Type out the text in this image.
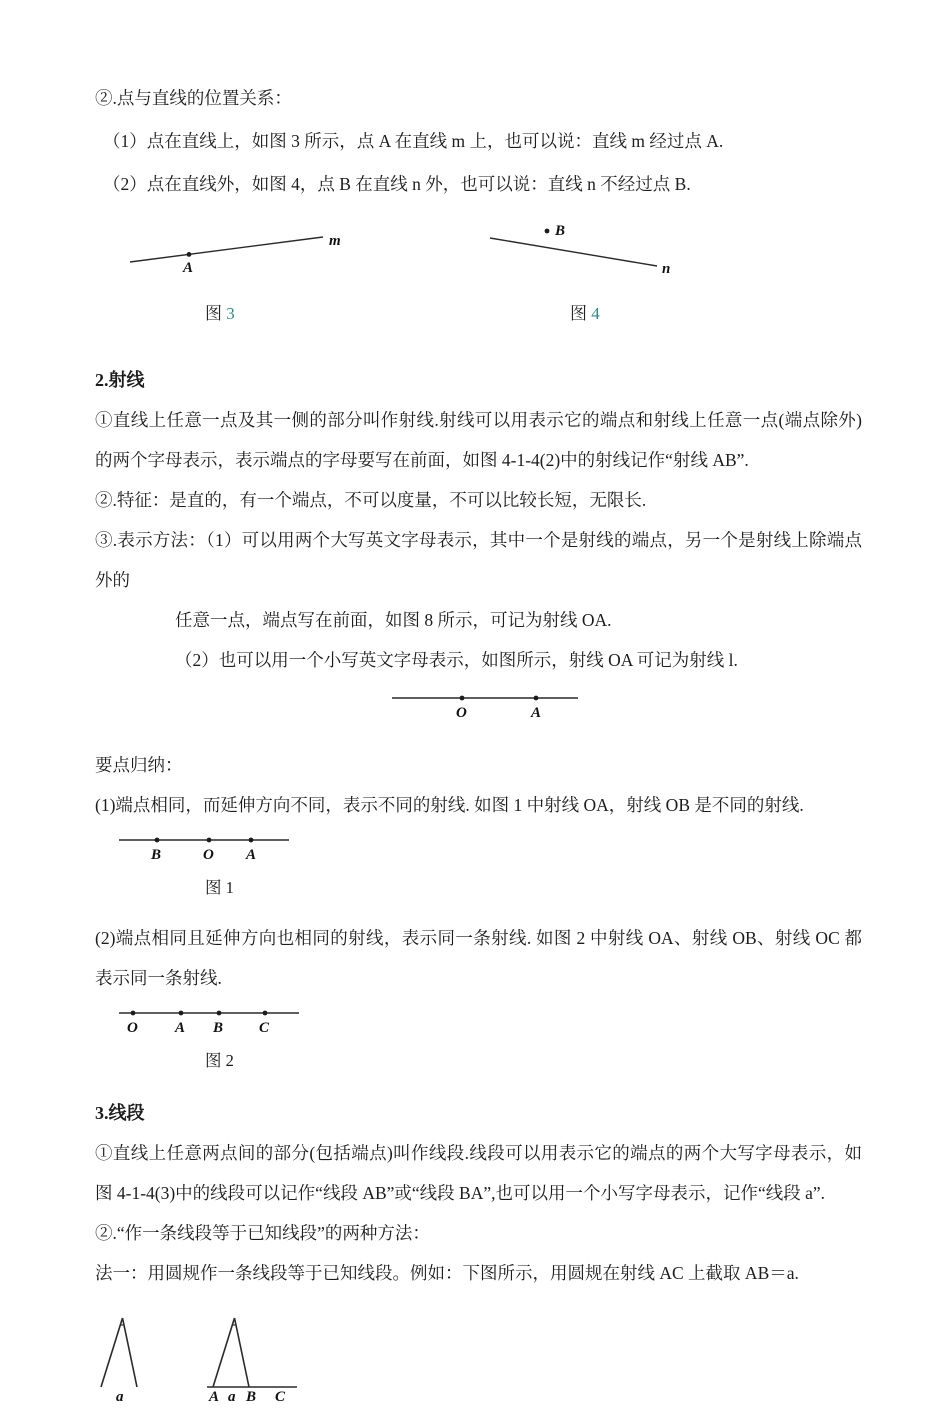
②.点与直线的位置关系：

（1）点在直线上，如图 3 所示，点 A 在直线 m 上，也可以说：直线 m 经过点 A.

（2）点在直线外，如图 4，点 B 在直线 n 外，也可以说：直线 n 不经过点 B.

A
m
图 3
B
n
图 4

2.射线

①直线上任意一点及其一侧的部分叫作射线.射线可以用表示它的端点和射线上任意一点(端点除外)的两个字母表示，表示端点的字母要写在前面，如图 4-1-4(2)中的射线记作“射线 AB”.

②.特征：是直的，有一个端点，不可以度量，不可以比较长短，无限长.

③.表示方法：（1）可以用两个大写英文字母表示，其中一个是射线的端点，另一个是射线上除端点外的

任意一点，端点写在前面，如图 8 所示，可记为射线 OA.

（2）也可以用一个小写英文字母表示，如图所示，射线 OA 可记为射线 l.

O	A

要点归纳：

(1)端点相同，而延伸方向不同，表示不同的射线. 如图 1 中射线 OA，射线 OB 是不同的射线.

B	O A
图 1

(2)端点相同且延伸方向也相同的射线，表示同一条射线. 如图 2 中射线 OA、射线 OB、射线 OC 都表示同一条射线.

O A B C
图 2

3.线段

①直线上任意两点间的部分(包括端点)叫作线段.线段可以用表示它的端点的两个大写字母表示，如图 4-1-4(3)中的线段可以记作“线段 AB”或“线段 BA”,也可以用一个小写字母表示，记作“线段 a”.

②.“作一条线段等于已知线段”的两种方法：

法一：用圆规作一条线段等于已知线段。例如：下图所示，用圆规在射线 AC 上截取 AB＝a.

a	A a B C
